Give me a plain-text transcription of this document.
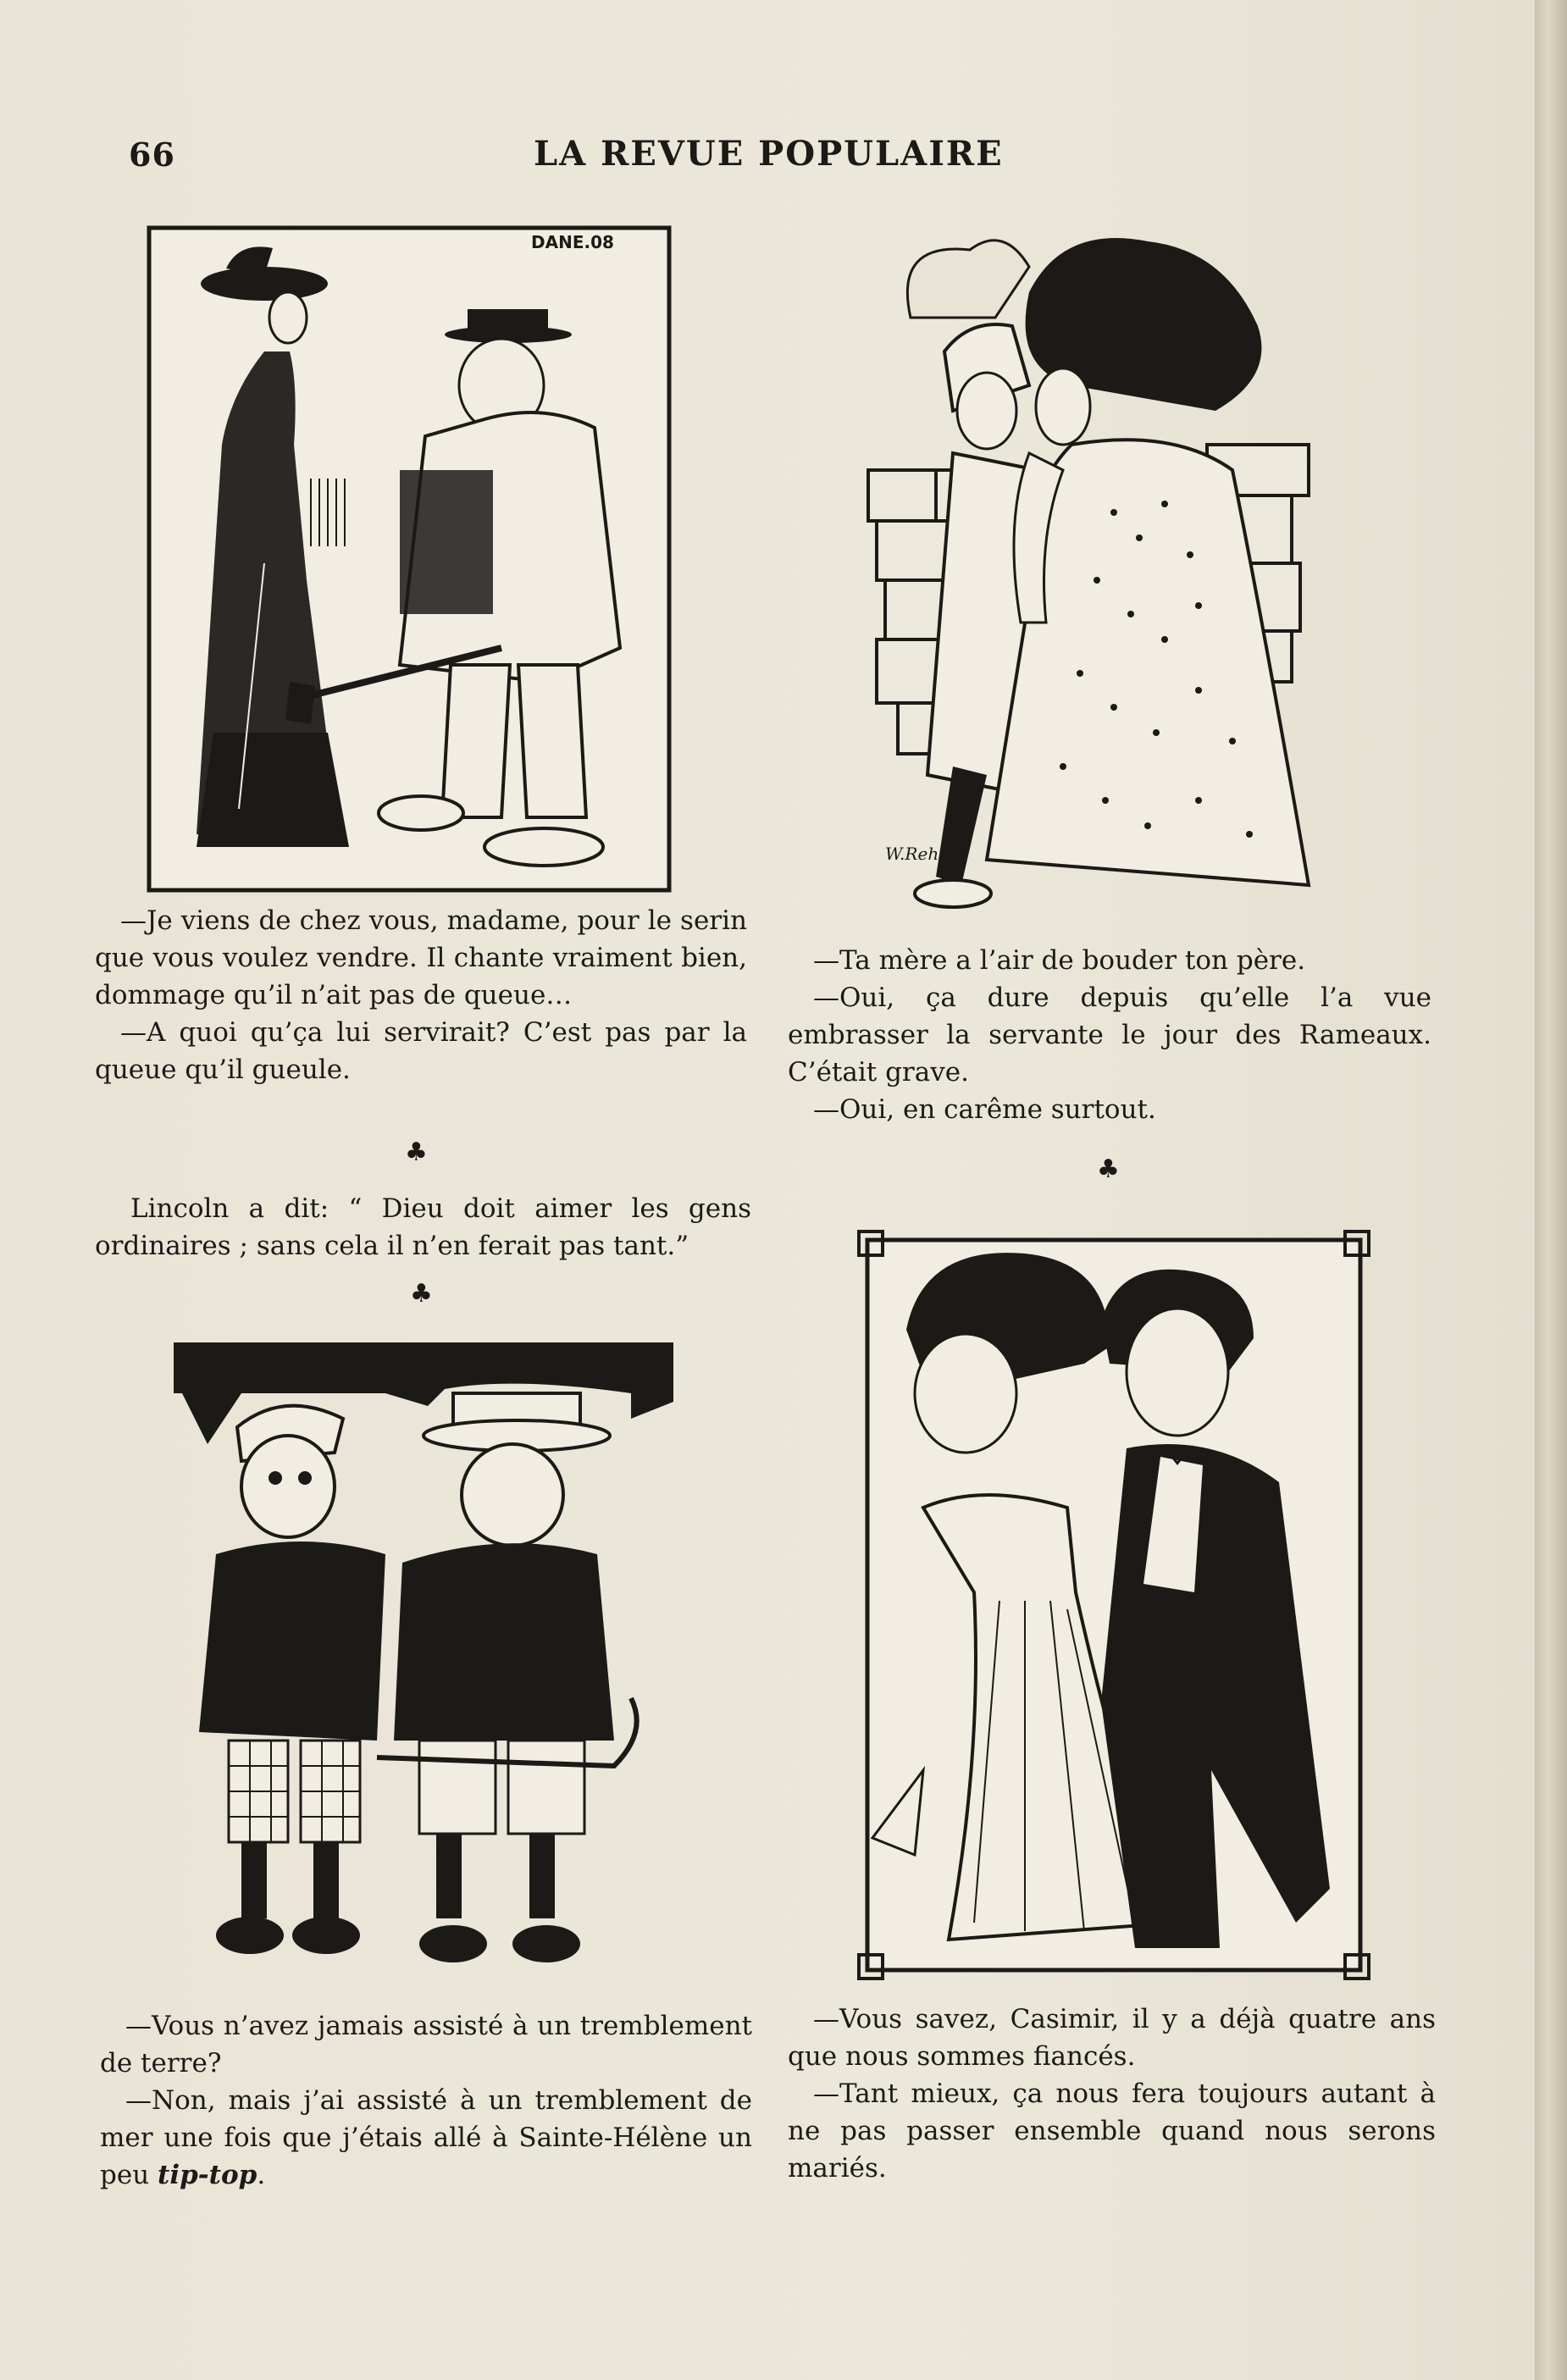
66	LA REVUE POPULAIRE
DANE.08
W.Rehey

—Je viens de chez vous, madame, pour le serin que vous voulez vendre. Il chante vraiment bien, dommage qu’il n’ait pas de queue…

—A quoi qu’ça lui servirait? C’est pas par la queue qu’il gueule.

—Ta mère a l’air de bouder ton père.

—Oui, ça dure depuis qu’elle l’a vue embrasser la servante le jour des Rameaux. C’était grave.

—Oui, en carême surtout.

♣
♣
♣

Lincoln a dit: “ Dieu doit aimer les gens ordinaires ; sans cela il n’en ferait pas tant.”

—Vous n’avez jamais assisté à un tremblement de terre?

—Non, mais j’ai assisté à un tremblement de mer une fois que j’étais allé à Sainte-Hélène un peu tip-top.

—Vous savez, Casimir, il y a déjà quatre ans que nous sommes fiancés.

—Tant mieux, ça nous fera toujours autant à ne pas passer ensemble quand nous serons mariés.
